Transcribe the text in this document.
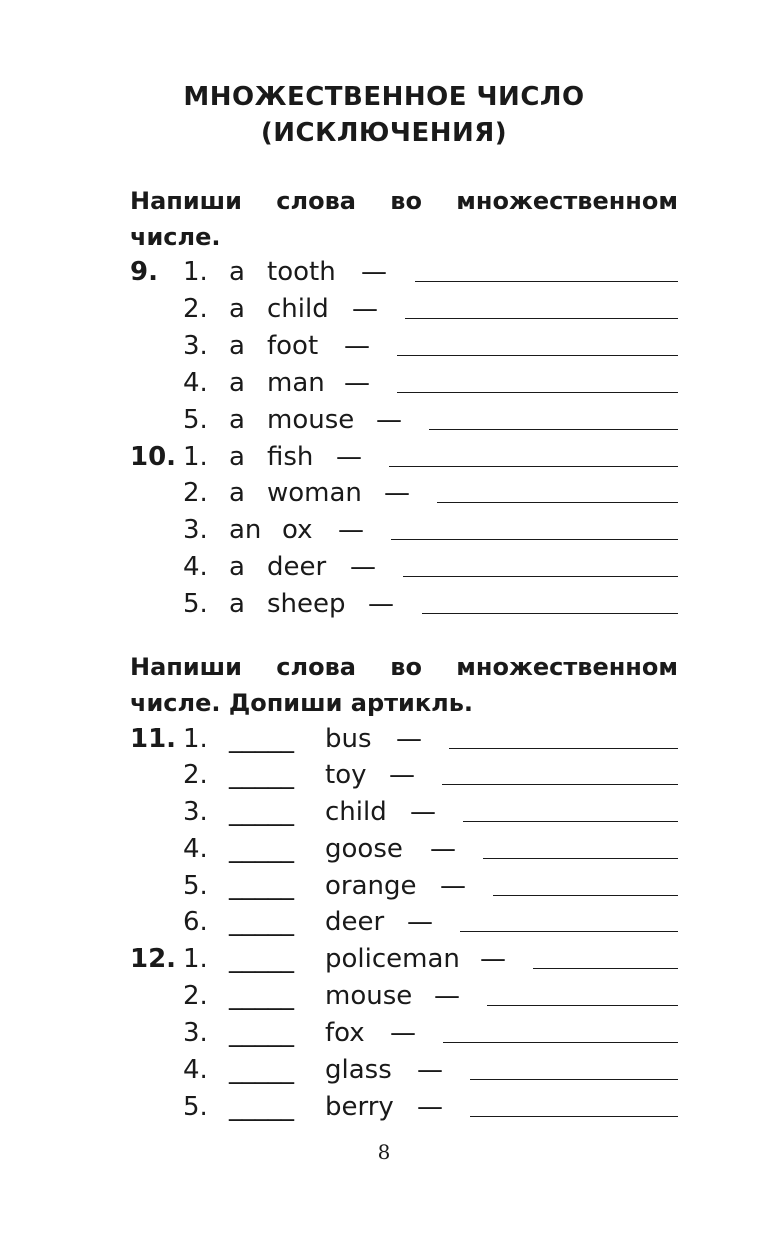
МНОЖЕСТВЕННОЕ ЧИСЛО
(ИСКЛЮЧЕНИЯ)
Напиши слова во множественном
числе.
9. 1. a tooth —
2. a child —
3. a foot —
4. a man —
5. a mouse —
10. 1. a fish —
2. a woman —
3. an ox —
4. a deer —
5. a sheep —
Напиши слова во множественном
числе. Допиши артикль.
11. 1. _____ bus —
2. _____ toy —
3. _____ child —
4. _____ goose —
5. _____ orange —
6. _____ deer —
12. 1. _____ policeman —
2. _____ mouse —
3. _____ fox —
4. _____ glass —
5. _____ berry —
8
